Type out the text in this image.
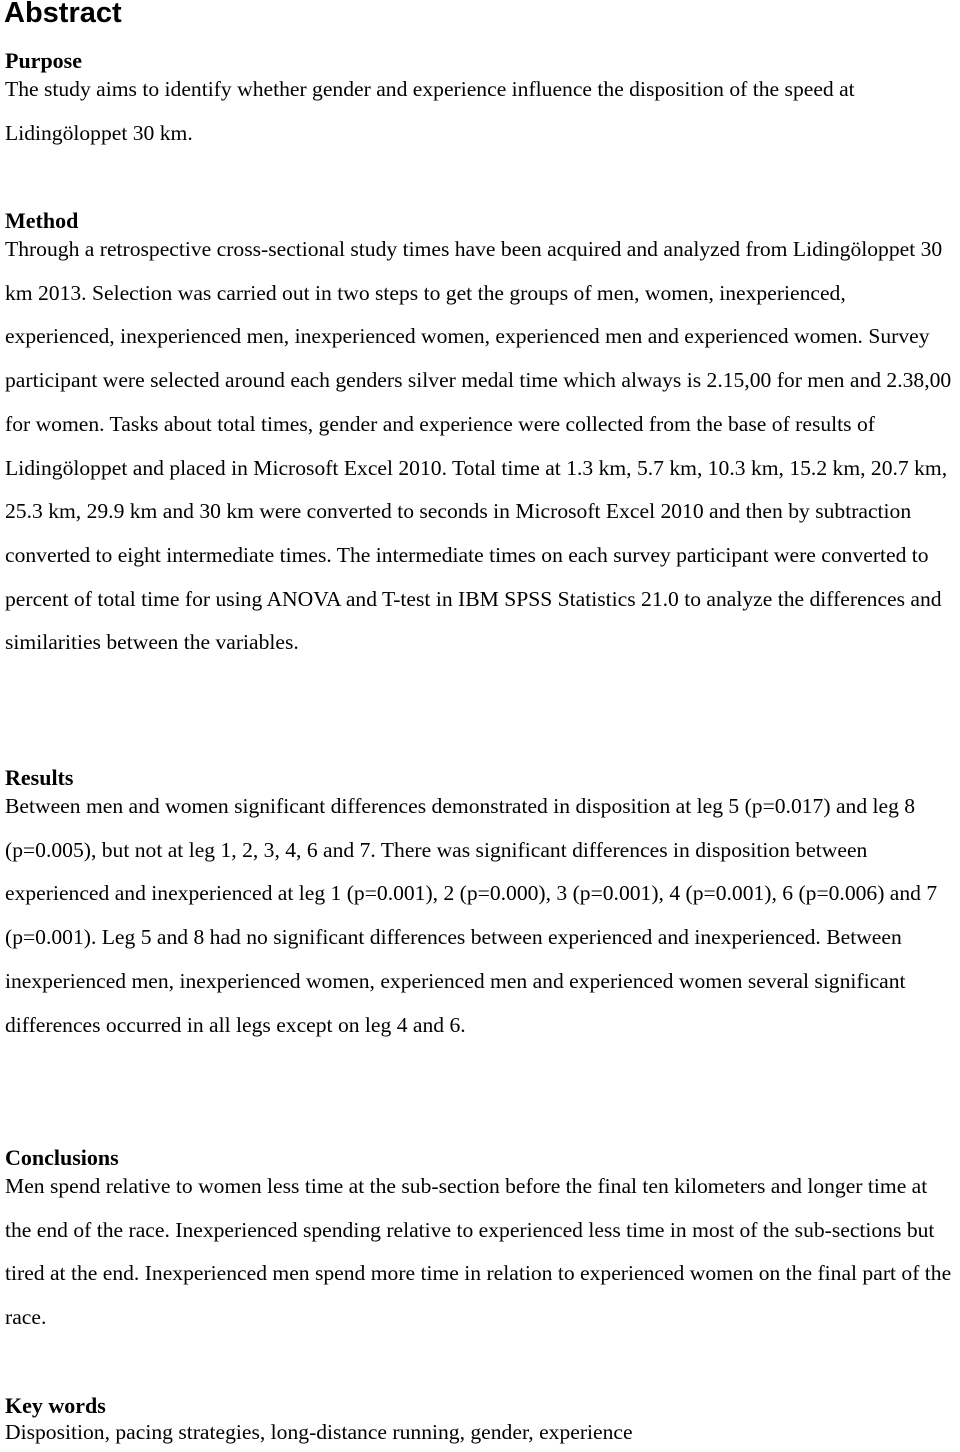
Abstract
Purpose

The study aims to identify whether gender and experience influence the disposition of the speed at Lidingöloppet 30 km.

Method

Through a retrospective cross-sectional study times have been acquired and analyzed from Lidingöloppet 30 km 2013. Selection was carried out in two steps to get the groups of men, women, inexperienced, experienced, inexperienced men, inexperienced women, experienced men and experienced women. Survey participant were selected around each genders silver medal time which always is 2.15,00 for men and 2.38,00 for women. Tasks about total times, gender and experience were collected from the base of results of Lidingöloppet and placed in Microsoft Excel 2010. Total time at 1.3 km, 5.7 km, 10.3 km, 15.2 km, 20.7 km, 25.3 km, 29.9 km and 30 km were converted to seconds in Microsoft Excel 2010 and then by subtraction converted to eight intermediate times. The intermediate times on each survey participant were converted to percent of total time for using ANOVA and T-test in IBM SPSS Statistics 21.0 to analyze the differences and similarities between the variables.

Results

Between men and women significant differences demonstrated in disposition at leg 5 (p=0.017) and leg 8 (p=0.005), but not at leg 1, 2, 3, 4, 6 and 7. There was significant differences in disposition between experienced and inexperienced at leg 1 (p=0.001), 2 (p=0.000), 3 (p=0.001), 4 (p=0.001), 6 (p=0.006) and 7 (p=0.001). Leg 5 and 8 had no significant differences between experienced and inexperienced. Between inexperienced men, inexperienced women, experienced men and experienced women several significant differences occurred in all legs except on leg 4 and 6.

Conclusions

Men spend relative to women less time at the sub-section before the final ten kilometers and longer time at the end of the race. Inexperienced spending relative to experienced less time in most of the sub-sections but tired at the end. Inexperienced men spend more time in relation to experienced women on the final part of the race.

Key words

Disposition, pacing strategies, long-distance running, gender, experience
